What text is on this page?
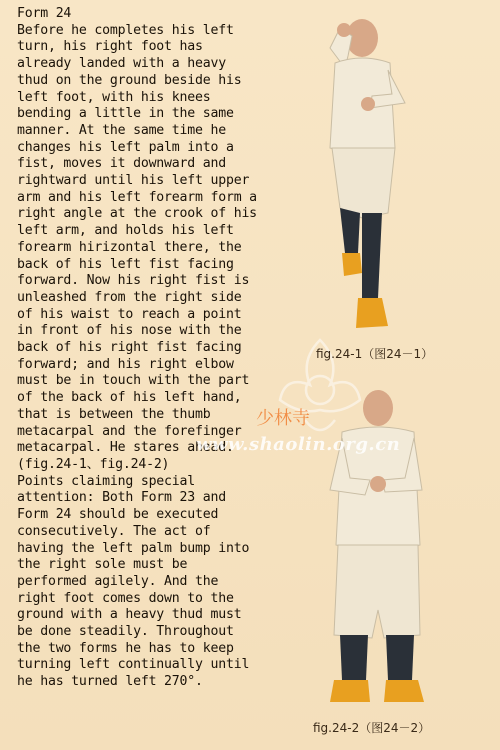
Form 24

Before he completes his left turn, his right foot has already landed with a heavy thud on the ground beside his left foot, with his knees bending a little in the same manner. At the same time he changes his left palm into a fist, moves it downward and rightward until his left upper arm and his left forearm form a right angle at the crook of his left arm, and holds his left forearm hirizontal there, the back of his left fist facing forward. Now his right fist is unleashed from the right side of his waist to reach a point in front of his nose with the back of his right fist facing forward; and his right elbow must be in touch with the part of the back of his left hand, that is between the thumb metacarpal and the forefinger metacarpal. He stares ahead.(fig.24-1、fig.24-2)

Points claiming special attention: Both Form 23 and Form 24 should be executed consecutively. The act of having the left palm bump into the right sole must be performed agilely. And the right foot comes down to the ground with a heavy thud must be done steadily. Throughout the two forms he has to keep turning left continually until he has turned left 270°.

少林寺
www.shaolin.org.cn
fig.24-1（图24－1）
fig.24-2（图24－2）
